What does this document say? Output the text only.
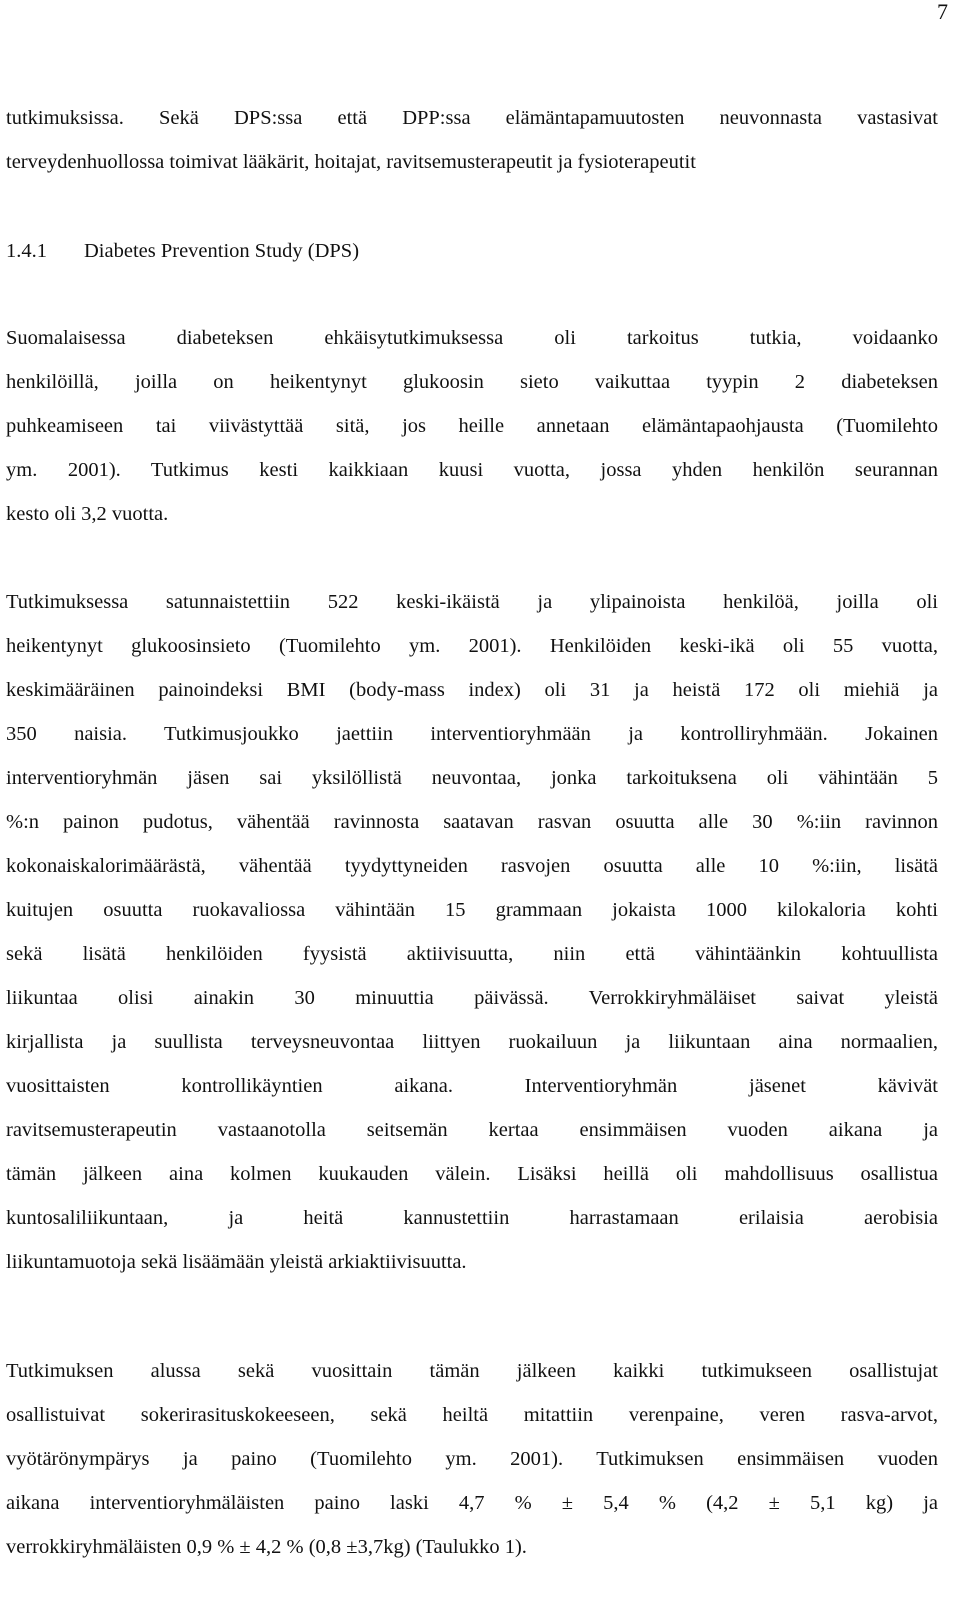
7
tutkimuksissa. Sekä DPS:ssa että DPP:ssa elämäntapamuutosten neuvonnasta vastasivat
terveydenhuollossa toimivat lääkärit, hoitajat, ravitsemusterapeutit ja fysioterapeutit
1.4.1 Diabetes Prevention Study (DPS)
Suomalaisessa diabeteksen ehkäisytutkimuksessa oli tarkoitus tutkia, voidaanko
henkilöillä, joilla on heikentynyt glukoosin sieto vaikuttaa tyypin 2 diabeteksen
puhkeamiseen tai viivästyttää sitä, jos heille annetaan elämäntapaohjausta (Tuomilehto
ym. 2001). Tutkimus kesti kaikkiaan kuusi vuotta, jossa yhden henkilön seurannan
kesto oli 3,2 vuotta.
Tutkimuksessa satunnaistettiin 522 keski-ikäistä ja ylipainoista henkilöä, joilla oli
heikentynyt glukoosinsieto (Tuomilehto ym. 2001). Henkilöiden keski-ikä oli 55 vuotta,
keskimääräinen painoindeksi BMI (body-mass index) oli 31 ja heistä 172 oli miehiä ja
350 naisia. Tutkimusjoukko jaettiin interventioryhmään ja kontrolliryhmään. Jokainen
interventioryhmän jäsen sai yksilöllistä neuvontaa, jonka tarkoituksena oli vähintään 5
%:n painon pudotus, vähentää ravinnosta saatavan rasvan osuutta alle 30 %:iin ravinnon
kokonaiskalorimäärästä, vähentää tyydyttyneiden rasvojen osuutta alle 10 %:iin, lisätä
kuitujen osuutta ruokavaliossa vähintään 15 grammaan jokaista 1000 kilokaloria kohti
sekä lisätä henkilöiden fyysistä aktiivisuutta, niin että vähintäänkin kohtuullista
liikuntaa olisi ainakin 30 minuuttia päivässä. Verrokkiryhmäläiset saivat yleistä
kirjallista ja suullista terveysneuvontaa liittyen ruokailuun ja liikuntaan aina normaalien,
vuosittaisten kontrollikäyntien aikana. Interventioryhmän jäsenet kävivät
ravitsemusterapeutin vastaanotolla seitsemän kertaa ensimmäisen vuoden aikana ja
tämän jälkeen aina kolmen kuukauden välein. Lisäksi heillä oli mahdollisuus osallistua
kuntosaliliikuntaan, ja heitä kannustettiin harrastamaan erilaisia aerobisia
liikuntamuotoja sekä lisäämään yleistä arkiaktiivisuutta.
Tutkimuksen alussa sekä vuosittain tämän jälkeen kaikki tutkimukseen osallistujat
osallistuivat sokerirasituskokeeseen, sekä heiltä mitattiin verenpaine, veren rasva-arvot,
vyötärönympärys ja paino (Tuomilehto ym. 2001). Tutkimuksen ensimmäisen vuoden
aikana interventioryhmäläisten paino laski 4,7 % ± 5,4 % (4,2 ± 5,1 kg) ja
verrokkiryhmäläisten 0,9 % ± 4,2 % (0,8 ±3,7kg) (Taulukko 1).
